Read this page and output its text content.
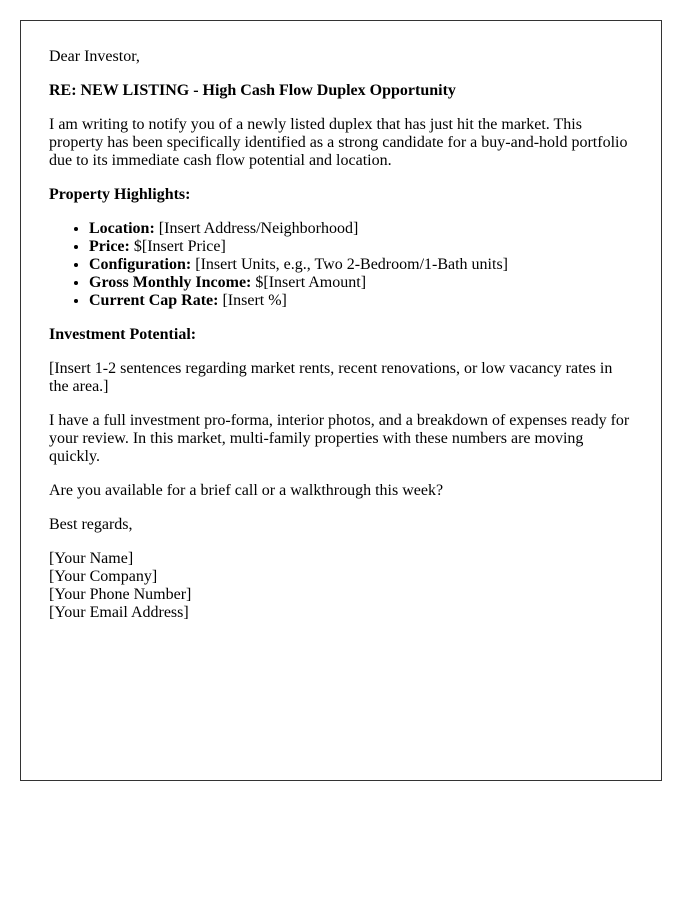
Dear Investor,

RE: NEW LISTING - High Cash Flow Duplex Opportunity

I am writing to notify you of a newly listed duplex that has just hit the market. This property has been specifically identified as a strong candidate for a buy-and-hold portfolio due to its immediate cash flow potential and location.

Property Highlights:

• Location: [Insert Address/Neighborhood]
• Price: $[Insert Price]
• Configuration: [Insert Units, e.g., Two 2-Bedroom/1-Bath units]
• Gross Monthly Income: $[Insert Amount]
• Current Cap Rate: [Insert %]

Investment Potential:

[Insert 1-2 sentences regarding market rents, recent renovations, or low vacancy rates in the area.]

I have a full investment pro-forma, interior photos, and a breakdown of expenses ready for your review. In this market, multi-family properties with these numbers are moving quickly.

Are you available for a brief call or a walkthrough this week?

Best regards,

[Your Name]
[Your Company]
[Your Phone Number]
[Your Email Address]
